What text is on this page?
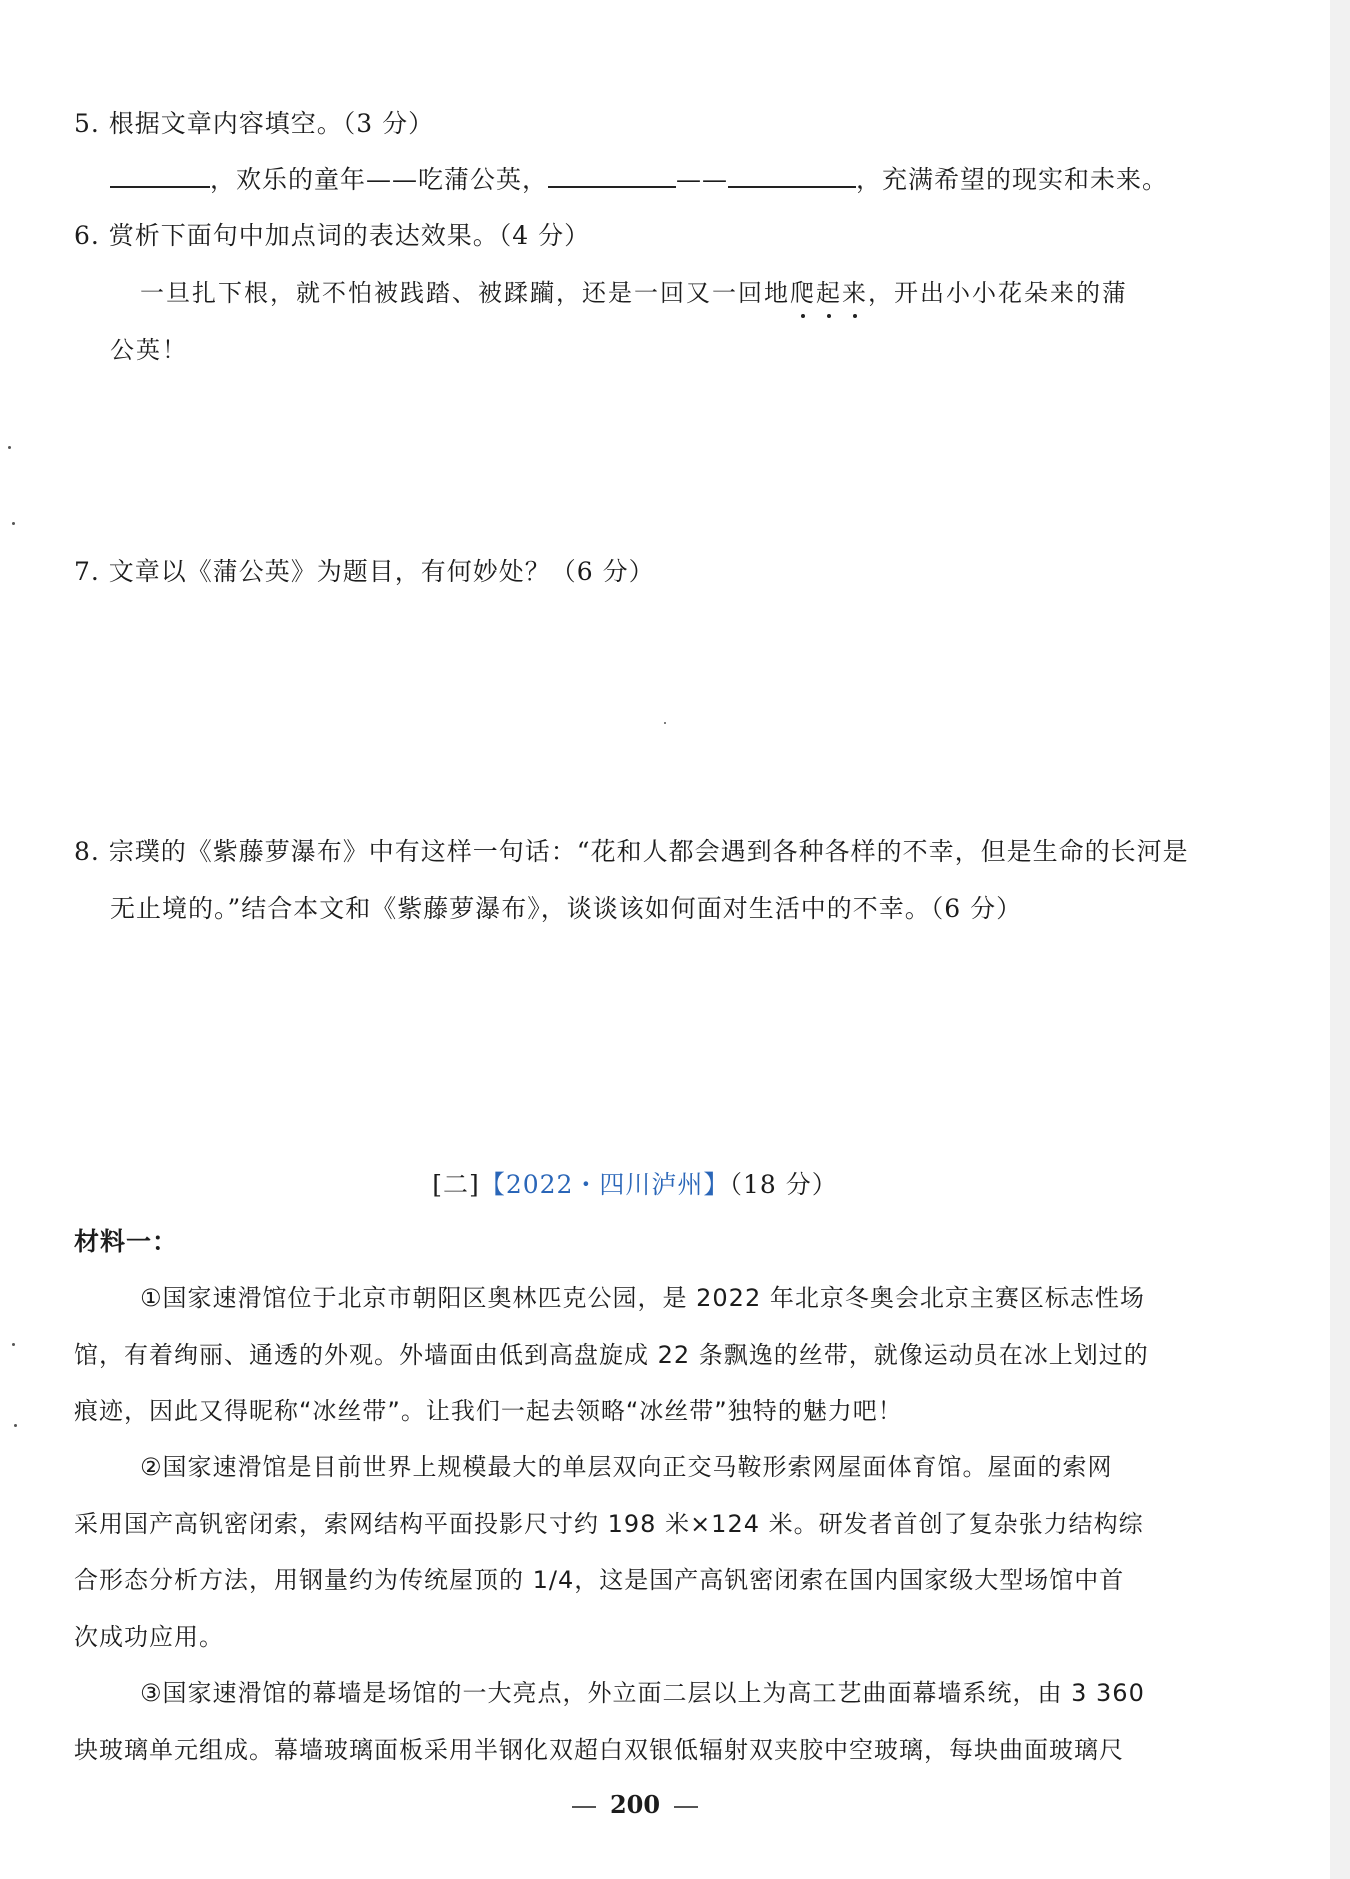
5. 根据文章内容填空。（3 分）
，欢乐的童年——吃蒲公英，	——	，充满希望的现实和未来。
6. 赏析下面句中加点词的表达效果。（4 分）
一旦扎下根，就不怕被践踏、被蹂躏，还是一回又一回地爬起来，开出小小花朵来的蒲
公英！
7. 文章以《蒲公英》为题目，有何妙处？（6 分）
8. 宗璞的《紫藤萝瀑布》中有这样一句话：“花和人都会遇到各种各样的不幸，但是生命的长河是
无止境的。”结合本文和《紫藤萝瀑布》，谈谈该如何面对生活中的不幸。（6 分）
[二]【2022・四川泸州】（18 分）
材料一：
①国家速滑馆位于北京市朝阳区奥林匹克公园，是 2022 年北京冬奥会北京主赛区标志性场
馆，有着绚丽、通透的外观。外墙面由低到高盘旋成 22 条飘逸的丝带，就像运动员在冰上划过的
痕迹，因此又得昵称“冰丝带”。让我们一起去领略“冰丝带”独特的魅力吧！
②国家速滑馆是目前世界上规模最大的单层双向正交马鞍形索网屋面体育馆。屋面的索网
采用国产高钒密闭索，索网结构平面投影尺寸约 198 米×124 米。研发者首创了复杂张力结构综
合形态分析方法，用钢量约为传统屋顶的 1/4，这是国产高钒密闭索在国内国家级大型场馆中首
次成功应用。
③国家速滑馆的幕墙是场馆的一大亮点，外立面二层以上为高工艺曲面幕墙系统，由 3 360
块玻璃单元组成。幕墙玻璃面板采用半钢化双超白双银低辐射双夹胶中空玻璃，每块曲面玻璃尺
200
